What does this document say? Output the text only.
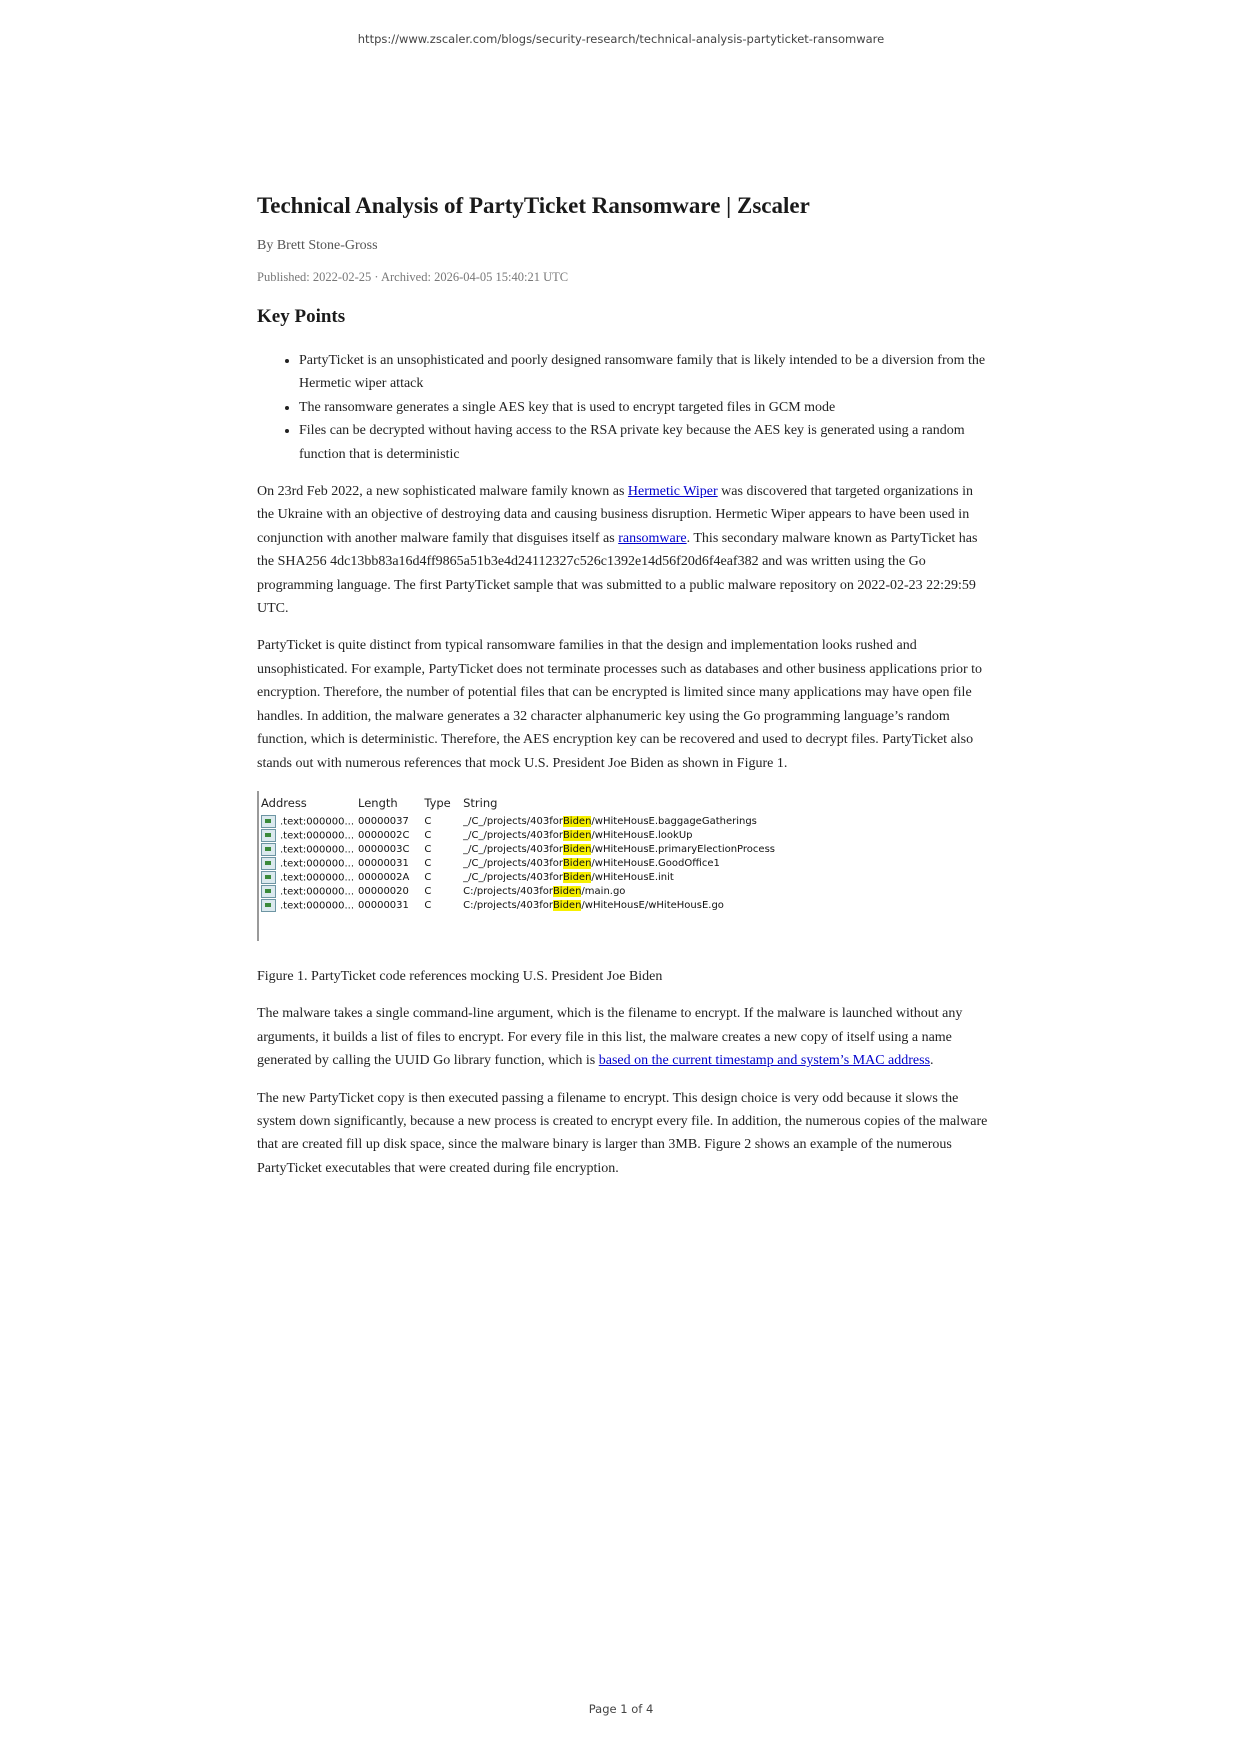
https://www.zscaler.com/blogs/security-research/technical-analysis-partyticket-ransomware
Technical Analysis of PartyTicket Ransomware | Zscaler
By Brett Stone-Gross
Published: 2022-02-25 · Archived: 2026-04-05 15:40:21 UTC
Key Points
• PartyTicket is an unsophisticated and poorly designed ransomware family that is likely intended to be a diversion from the Hermetic wiper attack
• The ransomware generates a single AES key that is used to encrypt targeted files in GCM mode
• Files can be decrypted without having access to the RSA private key because the AES key is generated using a random function that is deterministic

On 23rd Feb 2022, a new sophisticated malware family known as Hermetic Wiper was discovered that targeted organizations in the Ukraine with an objective of destroying data and causing business disruption. Hermetic Wiper appears to have been used in conjunction with another malware family that disguises itself as ransomware. This secondary malware known as PartyTicket has the SHA256 4dc13bb83a16d4ff9865a51b3e4d24112327c526c1392e14d56f20d6f4eaf382 and was written using the Go programming language. The first PartyTicket sample that was submitted to a public malware repository on 2022-02-23 22:29:59 UTC.

PartyTicket is quite distinct from typical ransomware families in that the design and implementation looks rushed and unsophisticated. For example, PartyTicket does not terminate processes such as databases and other business applications prior to encryption. Therefore, the number of potential files that can be encrypted is limited since many applications may have open file handles. In addition, the malware generates a 32 character alphanumeric key using the Go programming language’s random function, which is deterministic. Therefore, the AES encryption key can be recovered and used to decrypt files. PartyTicket also stands out with numerous references that mock U.S. President Joe Biden as shown in Figure 1.

Address	Length	Type	String
.text:000000...	00000037	C	_/C_/projects/403forBiden/wHiteHousE.baggageGatherings
.text:000000...	0000002C	C	_/C_/projects/403forBiden/wHiteHousE.lookUp
.text:000000...	0000003C	C	_/C_/projects/403forBiden/wHiteHousE.primaryElectionProcess
.text:000000...	00000031	C	_/C_/projects/403forBiden/wHiteHousE.GoodOffice1
.text:000000...	0000002A	C	_/C_/projects/403forBiden/wHiteHousE.init
.text:000000...	00000020	C	C:/projects/403forBiden/main.go
.text:000000...	00000031	C	C:/projects/403forBiden/wHiteHousE/wHiteHousE.go
Figure 1. PartyTicket code references mocking U.S. President Joe Biden

The malware takes a single command-line argument, which is the filename to encrypt. If the malware is launched without any arguments, it builds a list of files to encrypt. For every file in this list, the malware creates a new copy of itself using a name generated by calling the UUID Go library function, which is based on the current timestamp and system’s MAC address.

The new PartyTicket copy is then executed passing a filename to encrypt. This design choice is very odd because it slows the system down significantly, because a new process is created to encrypt every file. In addition, the numerous copies of the malware that are created fill up disk space, since the malware binary is larger than 3MB. Figure 2 shows an example of the numerous PartyTicket executables that were created during file encryption.

Page 1 of 4
